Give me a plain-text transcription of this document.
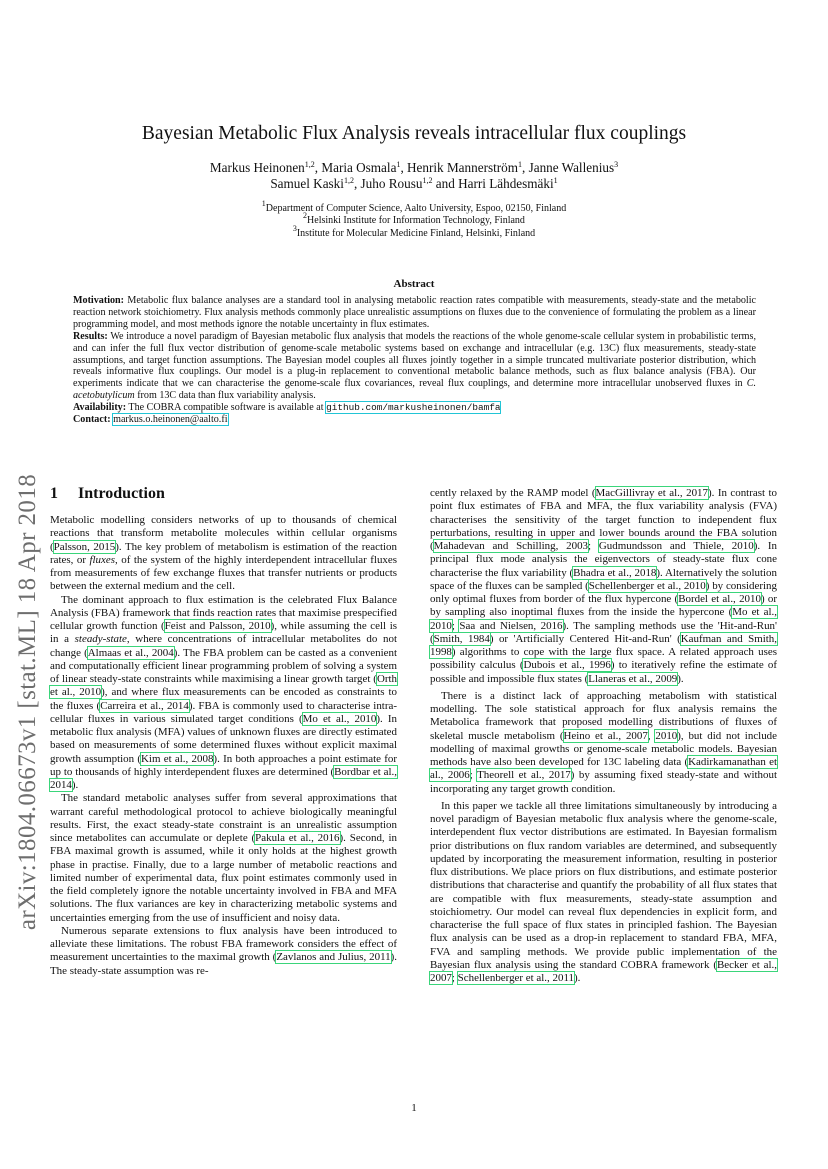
arXiv:1804.06673v1 [stat.ML] 18 Apr 2018
Bayesian Metabolic Flux Analysis reveals intracellular flux couplings
Markus Heinonen$^{1,2}$, Maria Osmala$^1$, Henrik Mannerström$^1$, Janne Wallenius$^3$
Samuel Kaski$^{1,2}$, Juho Rousu$^{1,2}$ and Harri Lähdesmäki$^1$
$^1$Department of Computer Science, Aalto University, Espoo, 02150, Finland
$^2$Helsinki Institute for Information Technology, Finland
$^3$Institute for Molecular Medicine Finland, Helsinki, Finland
Abstract

Motivation: Metabolic flux balance analyses are a standard tool in analysing metabolic reaction rates compatible with measurements, steady-state and the metabolic reaction network stoichiometry. Flux analysis methods commonly place unrealistic assumptions on fluxes due to the convenience of formulating the problem as a linear programming model, and most methods ignore the notable uncertainty in flux estimates.

Results: We introduce a novel paradigm of Bayesian metabolic flux analysis that models the reactions of the whole genome-scale cellular system in probabilistic terms, and can infer the full flux vector distribution of genome-scale metabolic systems based on exchange and intracellular (e.g. 13C) flux measurements, steady-state assumptions, and target function assumptions. The Bayesian model couples all fluxes jointly together in a simple truncated multivariate posterior distribution, which reveals informative flux couplings. Our model is a plug-in replacement to conventional metabolic balance methods, such as flux balance analysis (FBA). Our experiments indicate that we can characterise the genome-scale flux covariances, reveal flux couplings, and determine more intracellular unobserved fluxes in C. acetobutylicum from 13C data than flux variability analysis.

Availability: The COBRA compatible software is available at github.com/markusheinonen/bamfa

Contact: markus.o.heinonen@aalto.fi

1 Introduction

Metabolic modelling considers networks of up to thousands of chemical reactions that transform metabolite molecules within cellular organisms (Palsson, 2015). The key problem of metabolism is estimation of the reaction rates, or fluxes, of the system of the highly interdependent intracellular fluxes from measurements of few exchange fluxes that transfer nutrients or products between the external medium and the cell.

The dominant approach to flux estimation is the celebrated Flux Balance Analysis (FBA) framework that finds reaction rates that maximise prespecified cellular growth function (Feist and Palsson, 2010), while assuming the cell is in a steady-state, where concentrations of intracellular metabolites do not change (Almaas et al., 2004). The FBA problem can be casted as a convenient and computationally efficient linear programming problem of solving a system of linear steady-state constraints while maximising a linear growth target (Orth et al., 2010), and where flux measurements can be encoded as constraints to the fluxes (Carreira et al., 2014). FBA is commonly used to characterise intra-cellular fluxes in various simulated target conditions (Mo et al., 2010). In metabolic flux analysis (MFA) values of unknown fluxes are directly estimated based on measurements of some determined fluxes without explicit maximal growth assumption (Kim et al., 2008). In both approaches a point estimate for up to thousands of highly interdependent fluxes are determined (Bordbar et al., 2014).

The standard metabolic analyses suffer from several approximations that warrant careful methodological protocol to achieve biologically meaningful results. First, the exact steady-state constraint is an unrealistic assumption since metabolites can accumulate or deplete (Pakula et al., 2016). Second, in FBA maximal growth is assumed, while it only holds at the highest growth phase in practise. Finally, due to a large number of metabolic reactions and limited number of experimental data, flux point estimates commonly used in the field completely ignore the notable uncertainty involved in FBA and MFA solutions. The flux variances are key in characterizing metabolic systems and uncertainties emerging from the use of insufficient and noisy data.

Numerous separate extensions to flux analysis have been introduced to alleviate these limitations. The robust FBA framework considers the effect of measurement uncertainties to the maximal growth (Zavlanos and Julius, 2011). The steady-state assumption was re-

cently relaxed by the RAMP model (MacGillivray et al., 2017). In contrast to point flux estimates of FBA and MFA, the flux variability analysis (FVA) characterises the sensitivity of the target function to independent flux perturbations, resulting in upper and lower bounds around the FBA solution (Mahadevan and Schilling, 2003; Gudmundsson and Thiele, 2010). In principal flux mode analysis the eigenvectors of steady-state flux cone characterise the flux variability (Bhadra et al., 2018). Alternatively the solution space of the fluxes can be sampled (Schellenberger et al., 2010) by considering only optimal fluxes from border of the flux hypercone (Bordel et al., 2010) or by sampling also inoptimal fluxes from the inside the hypercone (Mo et al., 2010; Saa and Nielsen, 2016). The sampling methods use the 'Hit-and-Run' (Smith, 1984) or 'Artificially Centered Hit-and-Run' (Kaufman and Smith, 1998) algorithms to cope with the large flux space. A related approach uses possibility calculus (Dubois et al., 1996) to iteratively refine the estimate of possible and impossible flux states (Llaneras et al., 2009).

There is a distinct lack of approaching metabolism with statistical modelling. The sole statistical approach for flux analysis remains the Metabolica framework that proposed modelling distributions of fluxes of skeletal muscle metabolism (Heino et al., 2007, 2010), but did not include modelling of maximal growths or genome-scale metabolic models. Bayesian methods have also been developed for 13C labeling data (Kadirkamanathan et al., 2006; Theorell et al., 2017) by assuming fixed steady-state and without incorporating any target growth condition.

In this paper we tackle all three limitations simultaneously by introducing a novel paradigm of Bayesian metabolic flux analysis where the genome-scale, interdependent flux vector distributions are estimated. In Bayesian formalism prior distributions on flux random variables are determined, and subsequently updated by incorporating the measurement information, resulting in posterior flux distributions. We place priors on flux distributions, and estimate posterior distributions that characterise and quantify the probability of all flux states that are compatible with flux measurements, steady-state assumption and stoichiometry. Our model can reveal flux dependencies in explicit form, and characterise the full space of flux states in principled fashion. The Bayesian flux analysis can be used as a drop-in replacement to standard FBA, MFA, FVA and sampling methods. We provide public implementation of the Bayesian flux analysis using the standard COBRA framework (Becker et al., 2007; Schellenberger et al., 2011).

1
